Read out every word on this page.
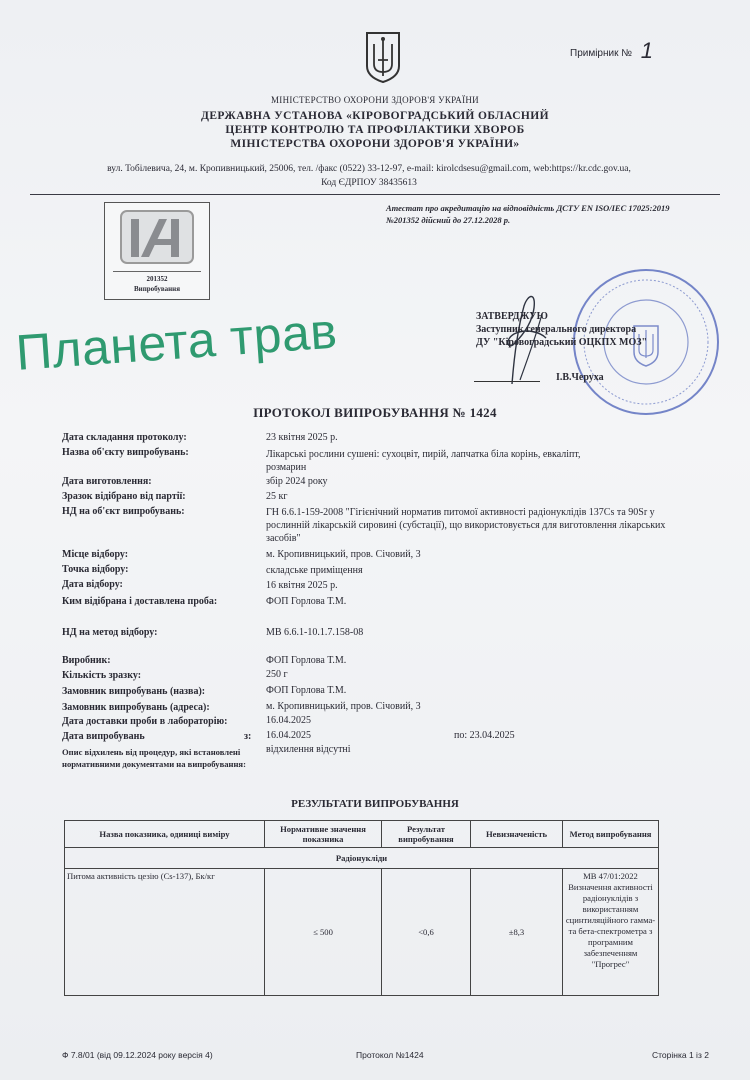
Примірник № 1
МІНІСТЕРСТВО ОХОРОНИ ЗДОРОВ'Я УКРАЇНИ
ДЕРЖАВНА УСТАНОВА «КІРОВОГРАДСЬКИЙ ОБЛАСНИЙ
ЦЕНТР КОНТРОЛЮ ТА ПРОФІЛАКТИКИ ХВОРОБ
МІНІСТЕРСТВА ОХОРОНИ ЗДОРОВ'Я УКРАЇНИ»
вул. Тобілевича, 24, м. Кропивницький, 25006, тел. /факс (0522) 33-12-97, e-mail: kirolcdsesu@gmail.com, web:https://kr.cdc.gov.ua,
Код ЄДРПОУ 38435613
201352
Випробування
Атестат про акредитацію на відповідність ДСТУ EN ISO/IEC 17025:2019
№201352 дійсний до 27.12.2028 р.
ЗАТВЕРДЖУЮ
Заступник генерального директора
ДУ "Кіровоградський ОЦКПХ МОЗ"
І.В.Черуха
Планета трав
ПРОТОКОЛ ВИПРОБУВАННЯ № 1424
Дата складання протоколу:	23 квітня 2025 р.
Назва об'єкту випробувань:	Лікарські рослини сушені: сухоцвіт, пирій, лапчатка біла корінь, евкаліпт, розмарин
Дата виготовлення:	збір 2024 року
Зразок відібрано від партії:	25 кг
НД на об'єкт випробувань:	ГН 6.6.1-159-2008 "Гігієнічний норматив питомої активності радіонуклідів 137Cs та 90Sr у рослинній лікарській сировині (субстації), що використовується для виготовлення лікарських засобів"
Місце відбору:	м. Кропивницький, пров. Січовий, 3
Точка відбору:	складське приміщення
Дата відбору:	16 квітня 2025 р.
Ким відібрана і доставлена проба:	ФОП Горлова Т.М.
НД на метод відбору:	МВ 6.6.1-10.1.7.158-08
Виробник:	ФОП Горлова Т.М.
Кількість зразку:	250 г
Замовник випробувань (назва):	ФОП Горлова Т.М.
Замовник випробувань (адреса):	м. Кропивницький, пров. Січовий, 3
Дата доставки проби в лабораторію:	16.04.2025
Дата випробувань	з: 16.04.2025	по: 23.04.2025
Опис відхилень від процедур, які встановлені нормативними документами на випробування:
відхилення відсутні
РЕЗУЛЬТАТИ ВИПРОБУВАННЯ
Назва показника, одиниці виміру	Нормативне значення показника	Результат випробування	Невизначеність	Метод випробування
Радіонукліди				
Питома активність цезію (Cs-137), Бк/кг	≤ 500	<0,6	±8,3	МВ 47/01:2022
Визначення активності радіонуклідів з використанням сцинтиляційного гамма- та бета-спектрометра з програмним забезпеченням "Прогрес"
Ф 7.8/01 (від 09.12.2024 року версія 4)	Протокол №1424	Сторінка 1 із 2
